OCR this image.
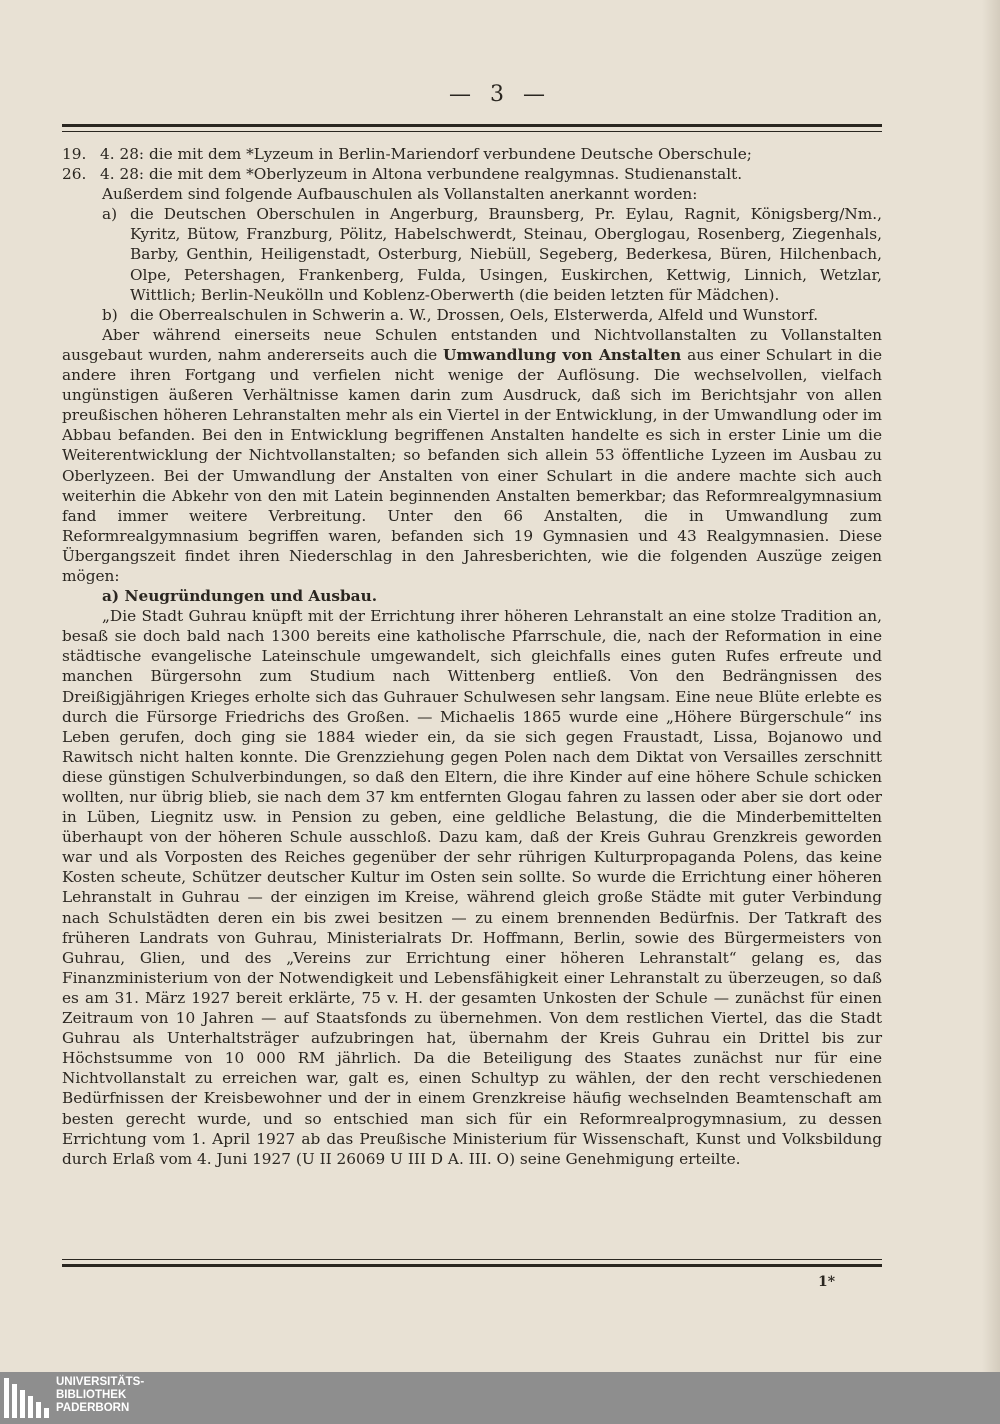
— 3 —
19. 4. 28: die mit dem *Lyzeum in Berlin-Mariendorf verbundene Deutsche Oberschule;
26. 4. 28: die mit dem *Oberlyzeum in Altona verbundene realgymnas. Studienanstalt.

Außerdem sind folgende Aufbauschulen als Vollanstalten anerkannt worden:

a) die Deutschen Oberschulen in Angerburg, Braunsberg, Pr. Eylau, Ragnit, Königsberg/Nm., Kyritz, Bütow, Franzburg, Pölitz, Habelschwerdt, Steinau, Oberglogau, Rosenberg, Ziegenhals, Barby, Genthin, Heiligenstadt, Osterburg, Niebüll, Segeberg, Bederkesa, Büren, Hilchenbach, Olpe, Petershagen, Frankenberg, Fulda, Usingen, Euskirchen, Kettwig, Linnich, Wetzlar, Wittlich; Berlin-Neukölln und Koblenz-Oberwerth (die beiden letzten für Mädchen).
b) die Oberrealschulen in Schwerin a. W., Drossen, Oels, Elsterwerda, Alfeld und Wunstorf.

Aber während einerseits neue Schulen entstanden und Nichtvollanstalten zu Vollanstalten ausgebaut wurden, nahm andererseits auch die Umwandlung von Anstalten aus einer Schulart in die andere ihren Fortgang und verfielen nicht wenige der Auflösung. Die wechselvollen, vielfach ungünstigen äußeren Verhältnisse kamen darin zum Ausdruck, daß sich im Berichtsjahr von allen preußischen höheren Lehranstalten mehr als ein Viertel in der Entwicklung, in der Umwandlung oder im Abbau befanden. Bei den in Entwicklung begriffenen Anstalten handelte es sich in erster Linie um die Weiterentwicklung der Nichtvollanstalten; so befanden sich allein 53 öffentliche Lyzeen im Ausbau zu Oberlyzeen. Bei der Umwandlung der Anstalten von einer Schulart in die andere machte sich auch weiterhin die Abkehr von den mit Latein beginnenden Anstalten bemerkbar; das Reformrealgymnasium fand immer weitere Verbreitung. Unter den 66 Anstalten, die in Umwandlung zum Reformrealgymnasium begriffen waren, befanden sich 19 Gymnasien und 43 Realgymnasien. Diese Übergangszeit findet ihren Niederschlag in den Jahresberichten, wie die folgenden Auszüge zeigen mögen:

a) Neugründungen und Ausbau.

„Die Stadt Guhrau knüpft mit der Errichtung ihrer höheren Lehranstalt an eine stolze Tradition an, besaß sie doch bald nach 1300 bereits eine katholische Pfarrschule, die, nach der Reformation in eine städtische evangelische Lateinschule umgewandelt, sich gleichfalls eines guten Rufes erfreute und manchen Bürgersohn zum Studium nach Wittenberg entließ. Von den Bedrängnissen des Dreißigjährigen Krieges erholte sich das Guhrauer Schulwesen sehr langsam. Eine neue Blüte erlebte es durch die Fürsorge Friedrichs des Großen. — Michaelis 1865 wurde eine „Höhere Bürgerschule“ ins Leben gerufen, doch ging sie 1884 wieder ein, da sie sich gegen Fraustadt, Lissa, Bojanowo und Rawitsch nicht halten konnte. Die Grenzziehung gegen Polen nach dem Diktat von Versailles zerschnitt diese günstigen Schulverbindungen, so daß den Eltern, die ihre Kinder auf eine höhere Schule schicken wollten, nur übrig blieb, sie nach dem 37 km entfernten Glogau fahren zu lassen oder aber sie dort oder in Lüben, Liegnitz usw. in Pension zu geben, eine geldliche Belastung, die die Minderbemittelten überhaupt von der höheren Schule ausschloß. Dazu kam, daß der Kreis Guhrau Grenzkreis geworden war und als Vorposten des Reiches gegenüber der sehr rührigen Kulturpropaganda Polens, das keine Kosten scheute, Schützer deutscher Kultur im Osten sein sollte. So wurde die Errichtung einer höheren Lehranstalt in Guhrau — der einzigen im Kreise, während gleich große Städte mit guter Verbindung nach Schulstädten deren ein bis zwei besitzen — zu einem brennenden Bedürfnis. Der Tatkraft des früheren Landrats von Guhrau, Ministerialrats Dr. Hoffmann, Berlin, sowie des Bürgermeisters von Guhrau, Glien, und des „Vereins zur Errichtung einer höheren Lehranstalt“ gelang es, das Finanzministerium von der Notwendigkeit und Lebensfähigkeit einer Lehranstalt zu überzeugen, so daß es am 31. März 1927 bereit erklärte, 75 v. H. der gesamten Unkosten der Schule — zunächst für einen Zeitraum von 10 Jahren — auf Staatsfonds zu übernehmen. Von dem restlichen Viertel, das die Stadt Guhrau als Unterhaltsträger aufzubringen hat, übernahm der Kreis Guhrau ein Drittel bis zur Höchstsumme von 10 000 RM jährlich. Da die Beteiligung des Staates zunächst nur für eine Nichtvollanstalt zu erreichen war, galt es, einen Schultyp zu wählen, der den recht verschiedenen Bedürfnissen der Kreisbewohner und der in einem Grenzkreise häufig wechselnden Beamtenschaft am besten gerecht wurde, und so entschied man sich für ein Reformrealprogymnasium, zu dessen Errichtung vom 1. April 1927 ab das Preußische Ministerium für Wissenschaft, Kunst und Volksbildung durch Erlaß vom 4. Juni 1927 (U II 26069 U III D A. III. O) seine Genehmigung erteilte.

1*
UNIVERSITÄTS-
BIBLIOTHEK
PADERBORN
